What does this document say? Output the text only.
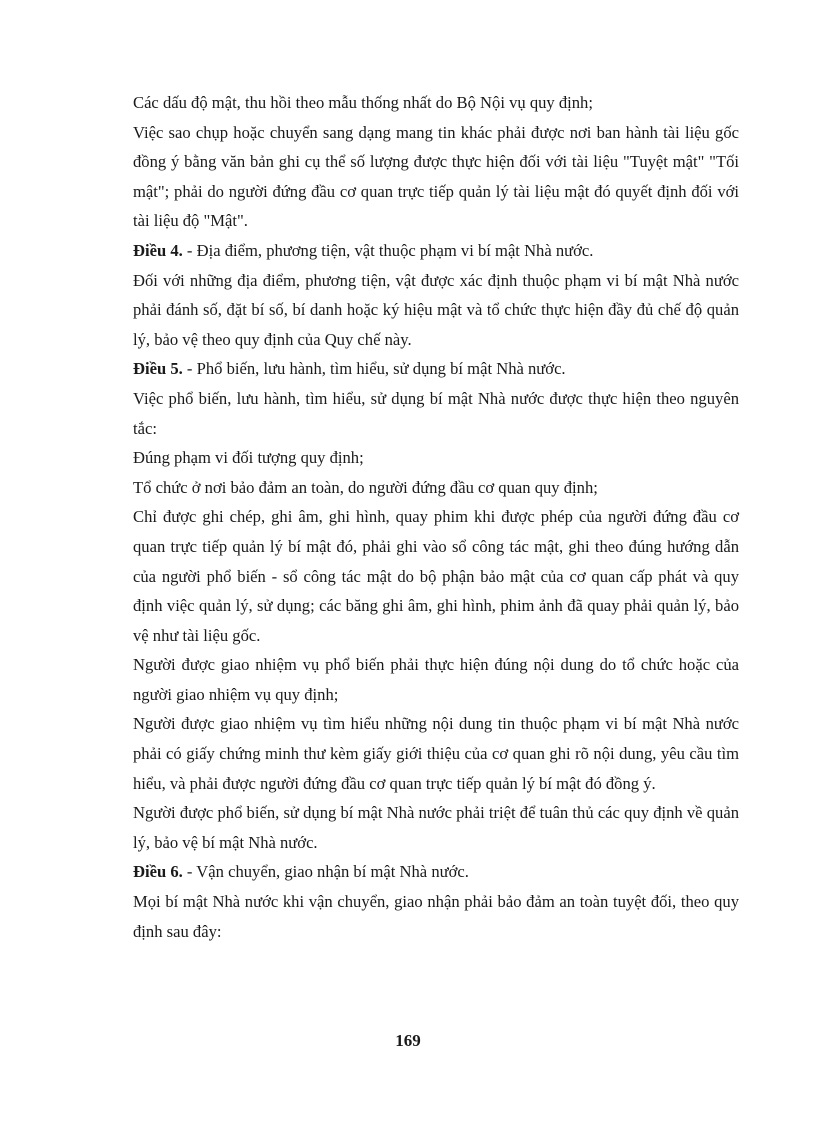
Các dấu độ mật, thu hồi theo mẫu thống nhất do Bộ Nội vụ quy định;

Việc sao chụp hoặc chuyển sang dạng mang tin khác phải được nơi ban hành tài liệu gốc đồng ý bằng văn bản ghi cụ thể số lượng được thực hiện đối với tài liệu "Tuyệt mật" "Tối mật"; phải do người đứng đầu cơ quan trực tiếp quản lý tài liệu mật đó quyết định đối với tài liệu độ "Mật".

Điều 4. - Địa điểm, phương tiện, vật thuộc phạm vi bí mật Nhà nước.

Đối với những địa điểm, phương tiện, vật được xác định thuộc phạm vi bí mật Nhà nước phải đánh số, đặt bí số, bí danh hoặc ký hiệu mật và tổ chức thực hiện đầy đủ chế độ quản lý, bảo vệ theo quy định của Quy chế này.

Điều 5. - Phổ biến, lưu hành, tìm hiểu, sử dụng bí mật Nhà nước.

Việc phổ biến, lưu hành, tìm hiểu, sử dụng bí mật Nhà nước được thực hiện theo nguyên tắc:

Đúng phạm vi đối tượng quy định;

Tổ chức ở nơi bảo đảm an toàn, do người đứng đầu cơ quan quy định;

Chỉ được ghi chép, ghi âm, ghi hình, quay phim khi được phép của người đứng đầu cơ quan trực tiếp quản lý bí mật đó, phải ghi vào sổ công tác mật, ghi theo đúng hướng dẫn của người phổ biến - sổ công tác mật do bộ phận bảo mật của cơ quan cấp phát và quy định việc quản lý, sử dụng; các băng ghi âm, ghi hình, phim ảnh đã quay phải quản lý, bảo vệ như tài liệu gốc.

Người được giao nhiệm vụ phổ biến phải thực hiện đúng nội dung do tổ chức hoặc của người giao nhiệm vụ quy định;

Người được giao nhiệm vụ tìm hiểu những nội dung tin thuộc phạm vi bí mật Nhà nước phải có giấy chứng minh thư kèm giấy giới thiệu của cơ quan ghi rõ nội dung, yêu cầu tìm hiểu, và phải được người đứng đầu cơ quan trực tiếp quản lý bí mật đó đồng ý.

Người được phổ biến, sử dụng bí mật Nhà nước phải triệt để tuân thủ các quy định về quản lý, bảo vệ bí mật Nhà nước.

Điều 6. - Vận chuyển, giao nhận bí mật Nhà nước.

Mọi bí mật Nhà nước khi vận chuyển, giao nhận phải bảo đảm an toàn tuyệt đối, theo quy định sau đây:

169
